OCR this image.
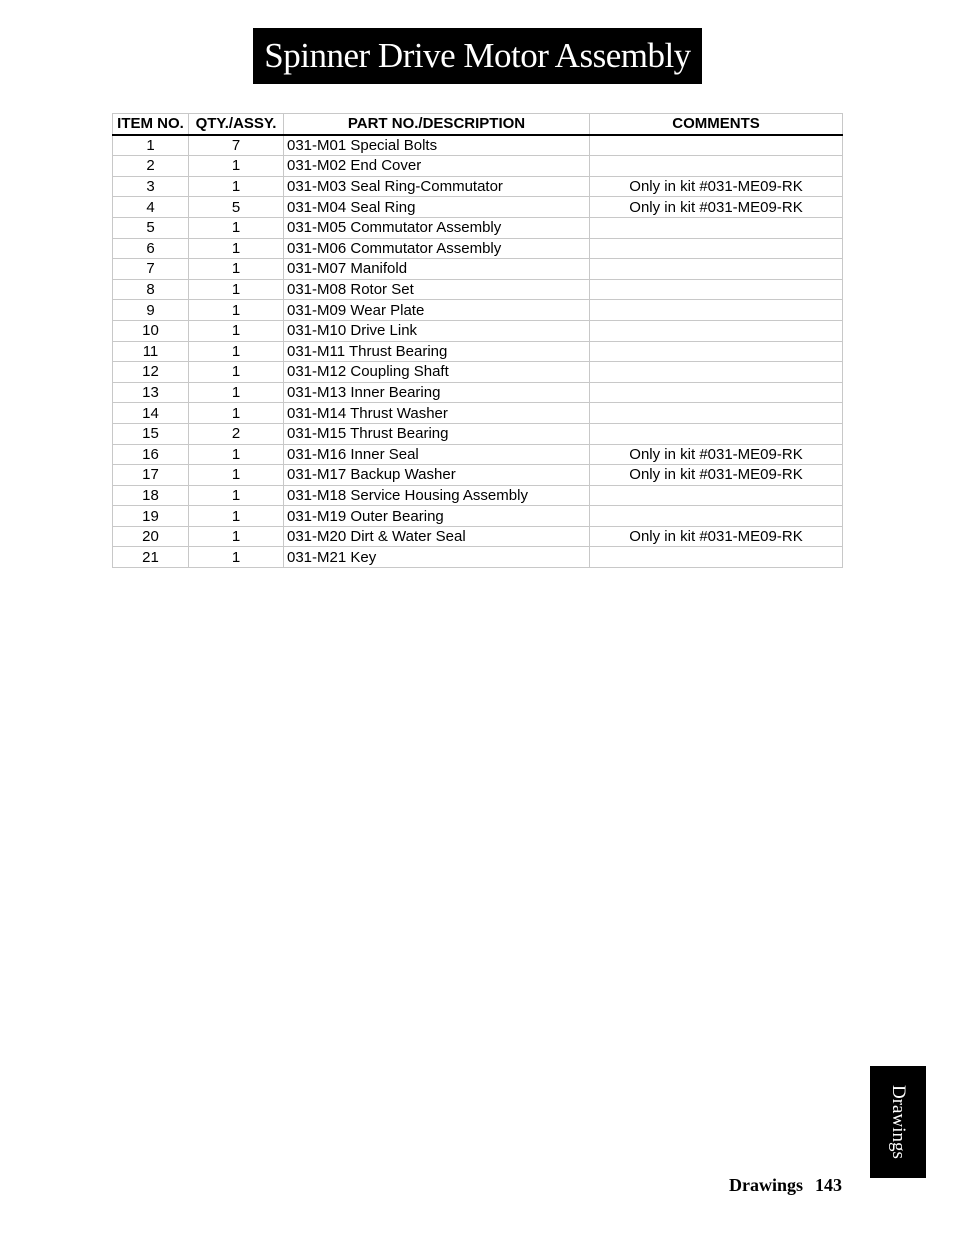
Spinner Drive Motor Assembly
ITEM NO.	QTY./ASSY.	PART NO./DESCRIPTION	COMMENTS
1	7	031-M01 Special Bolts	
2	1	031-M02 End Cover	
3	1	031-M03 Seal Ring-Commutator	Only in kit #031-ME09-RK
4	5	031-M04 Seal Ring	Only in kit #031-ME09-RK
5	1	031-M05 Commutator Assembly	
6	1	031-M06 Commutator Assembly	
7	1	031-M07 Manifold	
8	1	031-M08 Rotor Set	
9	1	031-M09 Wear Plate	
10	1	031-M10 Drive Link	
11	1	031-M11 Thrust Bearing	
12	1	031-M12 Coupling Shaft	
13	1	031-M13 Inner Bearing	
14	1	031-M14 Thrust Washer	
15	2	031-M15 Thrust Bearing	
16	1	031-M16 Inner Seal	Only in kit #031-ME09-RK
17	1	031-M17 Backup Washer	Only in kit #031-ME09-RK
18	1	031-M18 Service Housing Assembly	
19	1	031-M19 Outer Bearing	
20	1	031-M20 Dirt & Water Seal	Only in kit #031-ME09-RK
21	1	031-M21 Key	
Drawings
Drawings 143
